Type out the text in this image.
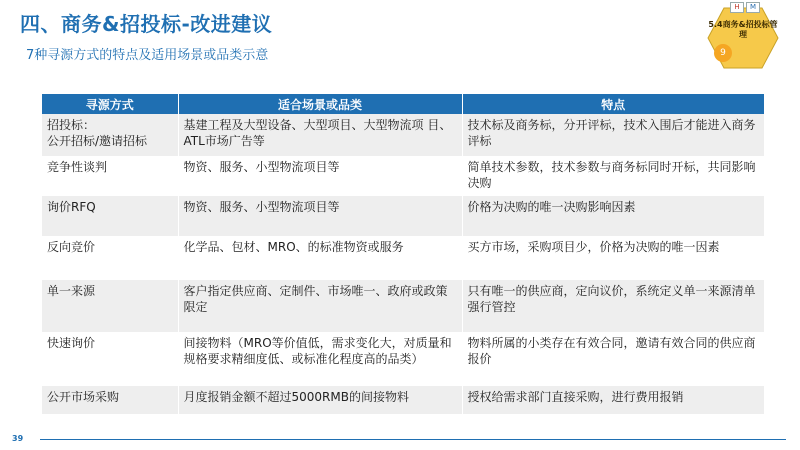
四、商务&招投标-改进建议
7种寻源方式的特点及适用场景或品类示意
H	M
5.4商务&招投标管理
9
寻源方式	适合场景或品类	特点

招投标：
公开招标/邀请招标	基建工程及大型设备、大型项目、大型物流项 目、ATL市场广告等	技术标及商务标，分开评标，技术入围后才能进入商务评标
竞争性谈判	物资、服务、小型物流项目等	简单技术参数，技术参数与商务标同时开标，共同影响决购
询价RFQ	物资、服务、小型物流项目等	价格为决购的唯一决购影响因素
反向竞价	化学品、包材、MRO、的标准物资或服务	买方市场，采购项目少，价格为决购的唯一因素
单一来源	客户指定供应商、定制件、市场唯一、政府或政策限定	只有唯一的供应商，定向议价，系统定义单一来源清单强行管控
快速询价	间接物料（MRO等价值低，需求变化大，对质量和规格要求精细度低、或标准化程度高的品类）	物料所属的小类存在有效合同，邀请有效合同的供应商报价
公开市场采购	月度报销金额不超过5000RMB的间接物料	授权给需求部门直接采购，进行费用报销
39
